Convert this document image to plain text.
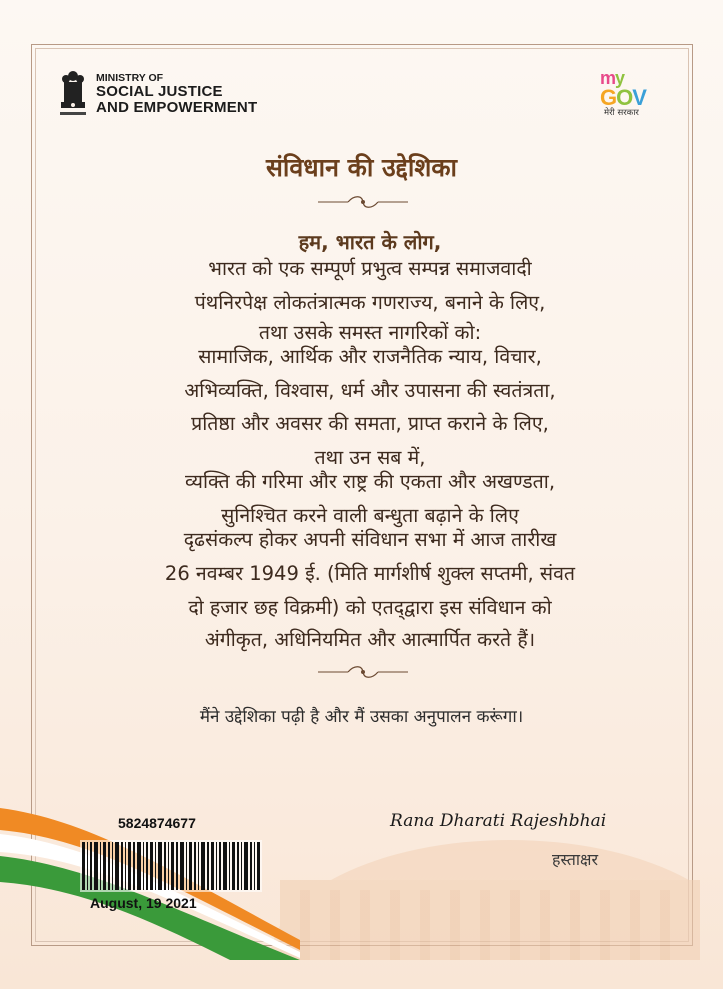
MINISTRY OF
SOCIAL JUSTICE
AND EMPOWERMENT
my
GOV
मेरी सरकार
संविधान की उद्देशिका
हम, भारत के लोग,
भारत को एक सम्पूर्ण प्रभुत्व सम्पन्न समाजवादी
पंथनिरपेक्ष लोकतंत्रात्मक गणराज्य, बनाने के लिए,
तथा उसके समस्त नागरिकों को:
सामाजिक, आर्थिक और राजनैतिक न्याय, विचार,
अभिव्यक्ति, विश्वास, धर्म और उपासना की स्वतंत्रता,
प्रतिष्ठा और अवसर की समता, प्राप्त कराने के लिए,
तथा उन सब में,
व्यक्ति की गरिमा और राष्ट्र की एकता और अखण्डता,
सुनिश्चित करने वाली बन्धुता बढ़ाने के लिए
दृढसंकल्प होकर अपनी संविधान सभा में आज तारीख
26 नवम्बर 1949 ई. (मिति मार्गशीर्ष शुक्ल सप्तमी, संवत
दो हजार छह विक्रमी) को एतद्‌द्वारा इस संविधान को
अंगीकृत, अधिनियमित और आत्मार्पित करते हैं।
मैंने उद्देशिका पढ़ी है और मैं उसका अनुपालन करूंगा।
5824874677
August, 19 2021
Rana Dharati Rajeshbhai
हस्ताक्षर
